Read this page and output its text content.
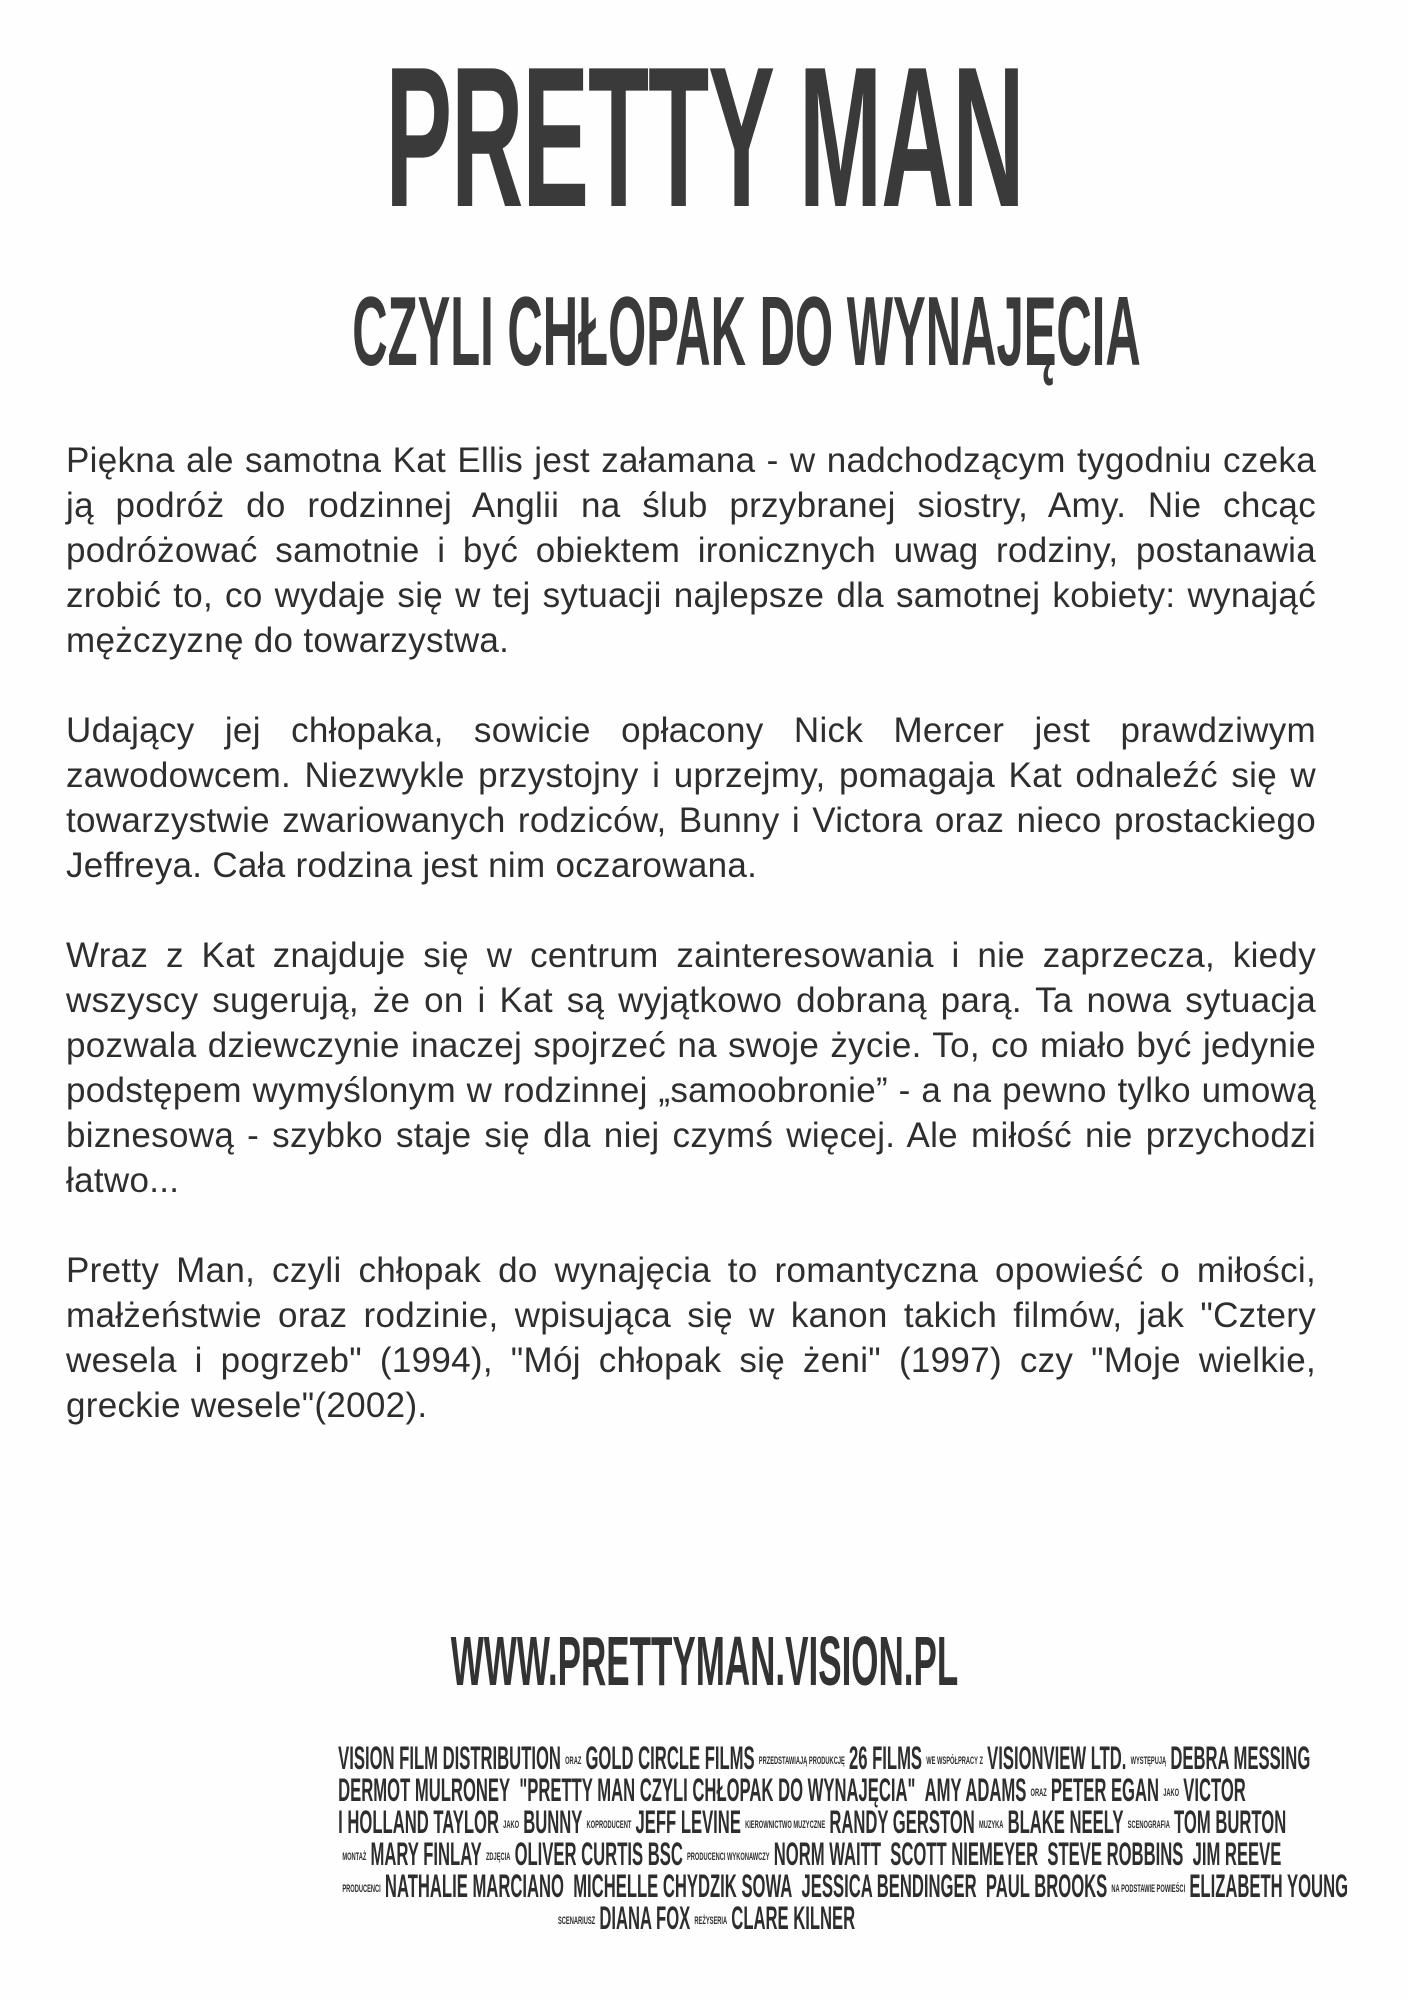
PRETTY MAN
CZYLI CHŁOPAK DO WYNAJĘCIA

Piękna ale samotna Kat Ellis jest załamana - w nadchodzącym tygodniu czeka ją podróż do rodzinnej Anglii na ślub przybranej siostry, Amy. Nie chcąc podróżować samotnie i być obiektem ironicznych uwag rodziny, postanawia zrobić to, co wydaje się w tej sytuacji najlepsze dla samotnej kobiety: wynająć mężczyznę do towarzystwa.

Udający jej chłopaka, sowicie opłacony Nick Mercer jest prawdziwym zawodowcem. Niezwykle przystojny i uprzejmy, pomagaja Kat odnaleźć się w towarzystwie zwariowanych rodziców, Bunny i Victora oraz nieco prostackiego Jeffreya. Cała rodzina jest nim oczarowana.

Wraz z Kat znajduje się w centrum zainteresowania i nie zaprzecza, kiedy wszyscy sugerują, że on i Kat są wyjątkowo dobraną parą. Ta nowa sytuacja pozwala dziewczynie inaczej spojrzeć na swoje życie. To, co miało być jedynie podstępem wymyślonym w rodzinnej „samoobronie” - a na pewno tylko umową biznesową - szybko staje się dla niej czymś więcej. Ale miłość nie przychodzi łatwo...

Pretty Man, czyli chłopak do wynajęcia to romantyczna opowieść o miłości, małżeństwie oraz rodzinie, wpisująca się w kanon takich filmów, jak "Cztery wesela i pogrzeb" (1994), "Mój chłopak się żeni" (1997) czy "Moje wielkie, greckie wesele"(2002).

WWW.PRETTYMAN.VISION.PL
VISION FILM DISTRIBUTION ORAZ GOLD CIRCLE FILMS PRZEDSTAWIAJĄ PRODUKCJĘ 26 FILMS WE WSPÓŁPRACY Z VISIONVIEW LTD. WYSTĘPUJĄ DEBRA MESSING
DERMOT MULRONEY "PRETTY MAN CZYLI CHŁOPAK DO WYNAJĘCIA" AMY ADAMS ORAZ PETER EGAN JAKO VICTOR
I HOLLAND TAYLOR JAKO BUNNY KOPRODUCENT JEFF LEVINE KIEROWNICTWO MUZYCZNE RANDY GERSTON MUZYKA BLAKE NEELY SCENOGRAFIA TOM BURTON
MONTAŻ MARY FINLAY ZDJĘCIA OLIVER CURTIS BSC PRODUCENCI WYKONAWCZY NORM WAITT SCOTT NIEMEYER STEVE ROBBINS JIM REEVE
PRODUCENCI NATHALIE MARCIANO MICHELLE CHYDZIK SOWA JESSICA BENDINGER PAUL BROOKS NA PODSTAWIE POWIEŚCI ELIZABETH YOUNG
SCENARIUSZ DIANA FOX REŻYSERIA CLARE KILNER
